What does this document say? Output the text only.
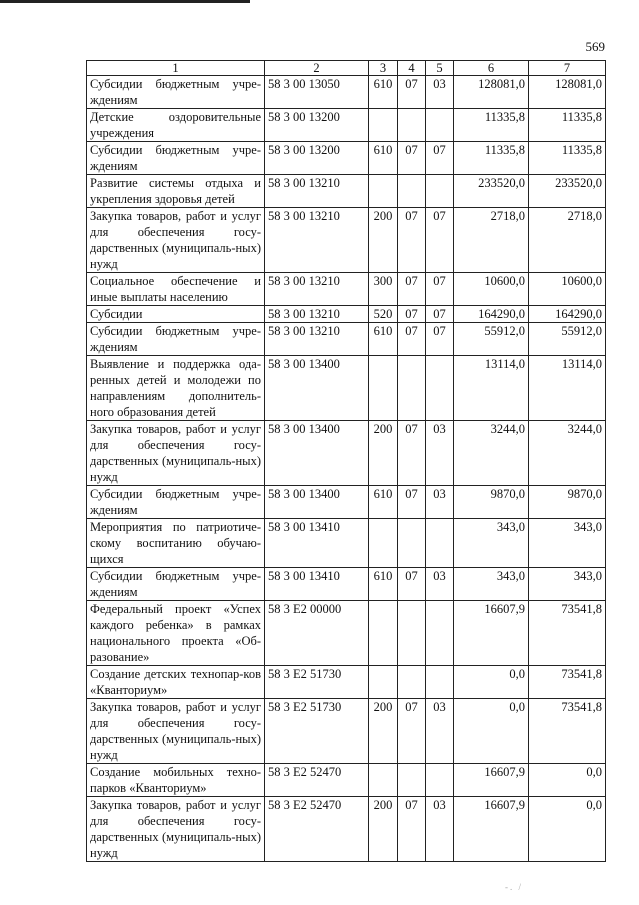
569
1	2	3	4	5	6	7
Субсидии бюджетным учре-ждениям	58 3 00 13050	610	07	03	128081,0	128081,0
Детские оздоровительные учреждения	58 3 00 13200				11335,8	11335,8
Субсидии бюджетным учре-ждениям	58 3 00 13200	610	07	07	11335,8	11335,8
Развитие системы отдыха и укрепления здоровья детей	58 3 00 13210				233520,0	233520,0
Закупка товаров, работ и услуг для обеспечения госу-дарственных (муниципаль-ных) нужд	58 3 00 13210	200	07	07	2718,0	2718,0
Социальное обеспечение и иные выплаты населению	58 3 00 13210	300	07	07	10600,0	10600,0
Субсидии	58 3 00 13210	520	07	07	164290,0	164290,0
Субсидии бюджетным учре-ждениям	58 3 00 13210	610	07	07	55912,0	55912,0
Выявление и поддержка ода-ренных детей и молодежи по направлениям дополнитель-ного образования детей	58 3 00 13400				13114,0	13114,0
Закупка товаров, работ и услуг для обеспечения госу-дарственных (муниципаль-ных) нужд	58 3 00 13400	200	07	03	3244,0	3244,0
Субсидии бюджетным учре-ждениям	58 3 00 13400	610	07	03	9870,0	9870,0
Мероприятия по патриотиче-скому воспитанию обучаю-щихся	58 3 00 13410				343,0	343,0
Субсидии бюджетным учре-ждениям	58 3 00 13410	610	07	03	343,0	343,0
Федеральный проект «Успех каждого ребенка» в рамках национального проекта «Об-разование»	58 3 E2 00000				16607,9	73541,8
Создание детских технопар-ков «Кванториум»	58 3 E2 51730				0,0	73541,8
Закупка товаров, работ и услуг для обеспечения госу-дарственных (муниципаль-ных) нужд	58 3 E2 51730	200	07	03	0,0	73541,8
Создание мобильных техно-парков «Кванториум»	58 3 E2 52470				16607,9	0,0
Закупка товаров, работ и услуг для обеспечения госу-дарственных (муниципаль-ных) нужд	58 3 E2 52470	200	07	03	16607,9	0,0
-. /
